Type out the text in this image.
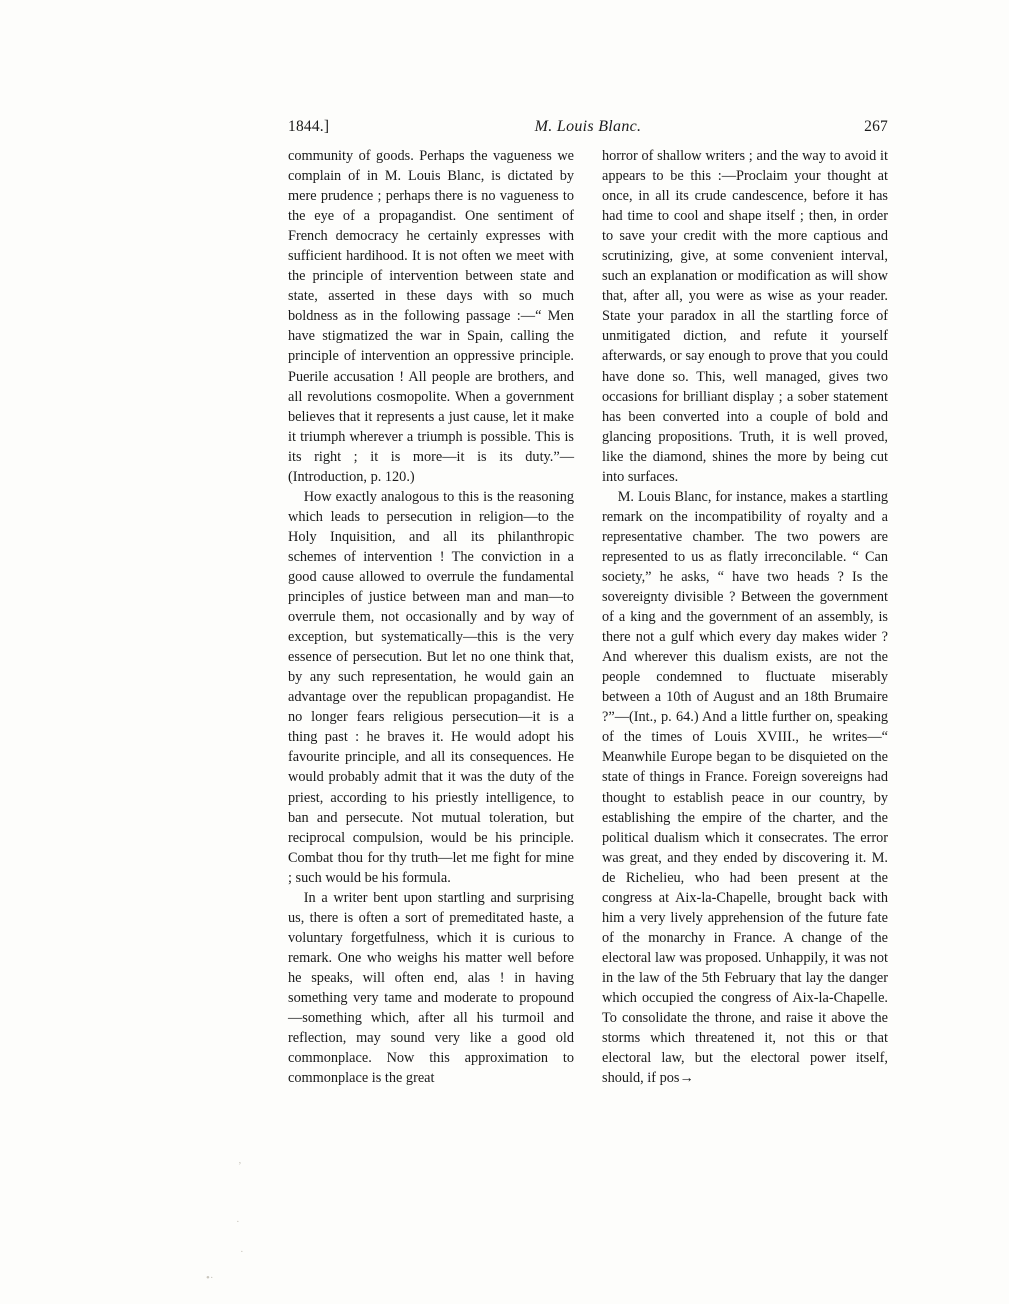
1844.]	M. Louis Blanc.	267

community of goods. Perhaps the vagueness we complain of in M. Louis Blanc, is dictated by mere prudence ; perhaps there is no vagueness to the eye of a propagandist. One sentiment of French democracy he certainly expresses with sufficient hardihood. It is not often we meet with the principle of intervention between state and state, asserted in these days with so much boldness as in the following passage :—“ Men have stigmatized the war in Spain, calling the principle of intervention an oppressive principle. Puerile accusation ! All people are brothers, and all revolutions cosmopolite. When a government believes that it represents a just cause, let it make it triumph wherever a triumph is possible. This is its right ; it is more—it is its duty.”—(Introduction, p. 120.)

How exactly analogous to this is the reasoning which leads to persecution in religion—to the Holy Inquisition, and all its philanthropic schemes of intervention ! The conviction in a good cause allowed to overrule the fundamental principles of justice between man and man—to overrule them, not occasionally and by way of exception, but systematically—this is the very essence of persecution. But let no one think that, by any such representation, he would gain an advantage over the republican propagandist. He no longer fears religious persecution—it is a thing past : he braves it. He would adopt his favourite principle, and all its consequences. He would probably admit that it was the duty of the priest, according to his priestly intelligence, to ban and persecute. Not mutual toleration, but reciprocal compulsion, would be his principle. Combat thou for thy truth—let me fight for mine ; such would be his formula.

In a writer bent upon startling and surprising us, there is often a sort of premeditated haste, a voluntary forgetfulness, which it is curious to remark. One who weighs his matter well before he speaks, will often end, alas ! in having something very tame and moderate to propound—something which, after all his turmoil and reflection, may sound very like a good old commonplace. Now this approximation to commonplace is the great

horror of shallow writers ; and the way to avoid it appears to be this :—Proclaim your thought at once, in all its crude candescence, before it has had time to cool and shape itself ; then, in order to save your credit with the more captious and scrutinizing, give, at some convenient interval, such an explanation or modification as will show that, after all, you were as wise as your reader. State your paradox in all the startling force of unmitigated diction, and refute it yourself afterwards, or say enough to prove that you could have done so. This, well managed, gives two occasions for brilliant display ; a sober statement has been converted into a couple of bold and glancing propositions. Truth, it is well proved, like the diamond, shines the more by being cut into surfaces.

M. Louis Blanc, for instance, makes a startling remark on the incompatibility of royalty and a representative chamber. The two powers are represented to us as flatly irreconcilable. “ Can society,” he asks, “ have two heads ? Is the sovereignty divisible ? Between the government of a king and the government of an assembly, is there not a gulf which every day makes wider ? And wherever this dualism exists, are not the people condemned to fluctuate miserably between a 10th of August and an 18th Brumaire ?”—(Int., p. 64.) And a little further on, speaking of the times of Louis XVIII., he writes—“ Meanwhile Europe began to be disquieted on the state of things in France. Foreign sovereigns had thought to establish peace in our country, by establishing the empire of the charter, and the political dualism which it consecrates. The error was great, and they ended by discovering it. M. de Richelieu, who had been present at the congress at Aix-la-Chapelle, brought back with him a very lively apprehension of the future fate of the monarchy in France. A change of the electoral law was proposed. Unhappily, it was not in the law of the 5th February that lay the danger which occupied the congress of Aix-la-Chapelle. To consolidate the throne, and raise it above the storms which threatened it, not this or that electoral law, but the electoral power itself, should, if pos→

’
·
·
•·
